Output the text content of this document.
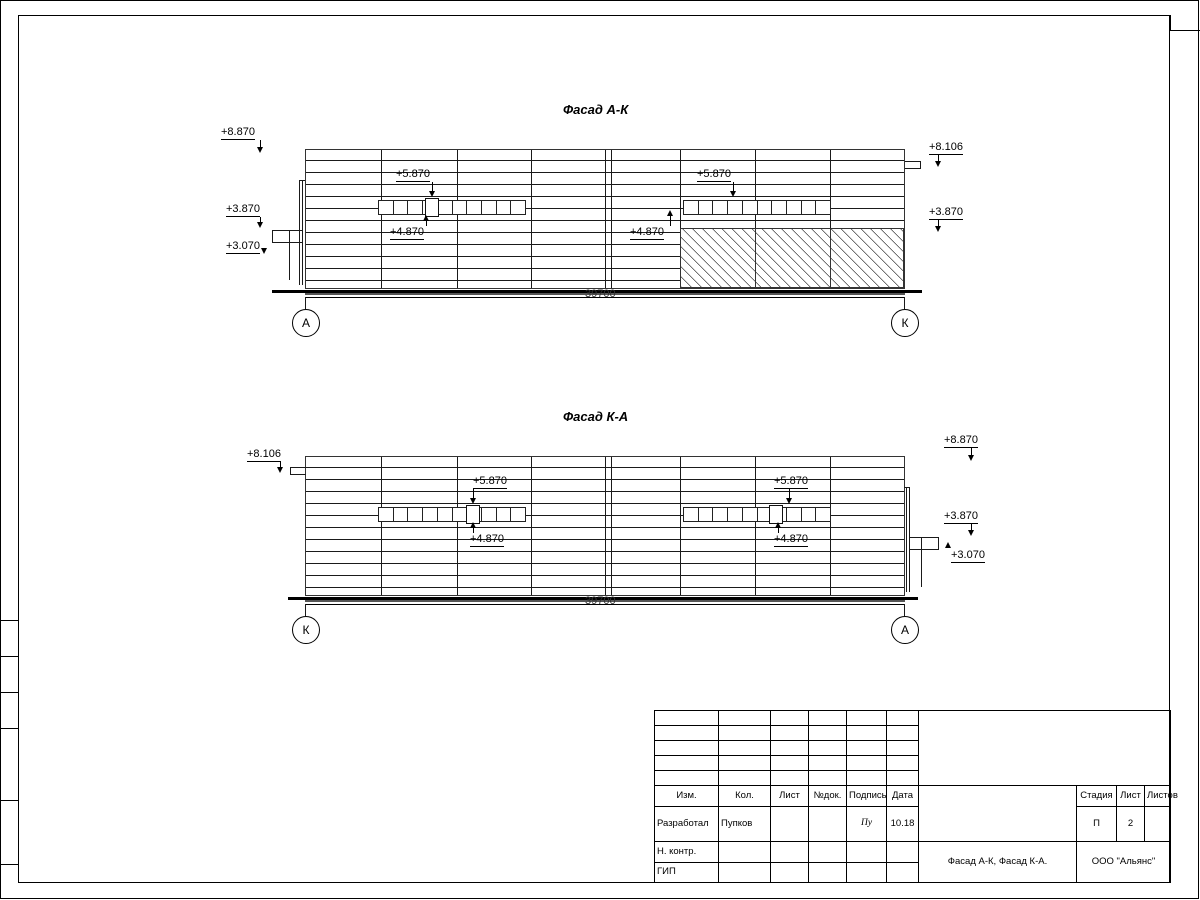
Фасад А-К
39700
А	К
+8.870
+3.870
+3.070
+8.106
+3.870
+5.870	+5.870
+4.870	+4.870
Фасад К-А
39700
К	А
+8.106
+8.870
+3.870
+3.070
+5.870	+5.870
+4.870	+4.870

Изм.	Кол.	Лист	№док.	Подпись	Дата		Стадия	Лист	Листов
Разработал	Пупков			Пу	10.18		П	2	
Н. контр.						Фасад А-К, Фасад К-А.	ООО "Альянс"		
ГИП									
